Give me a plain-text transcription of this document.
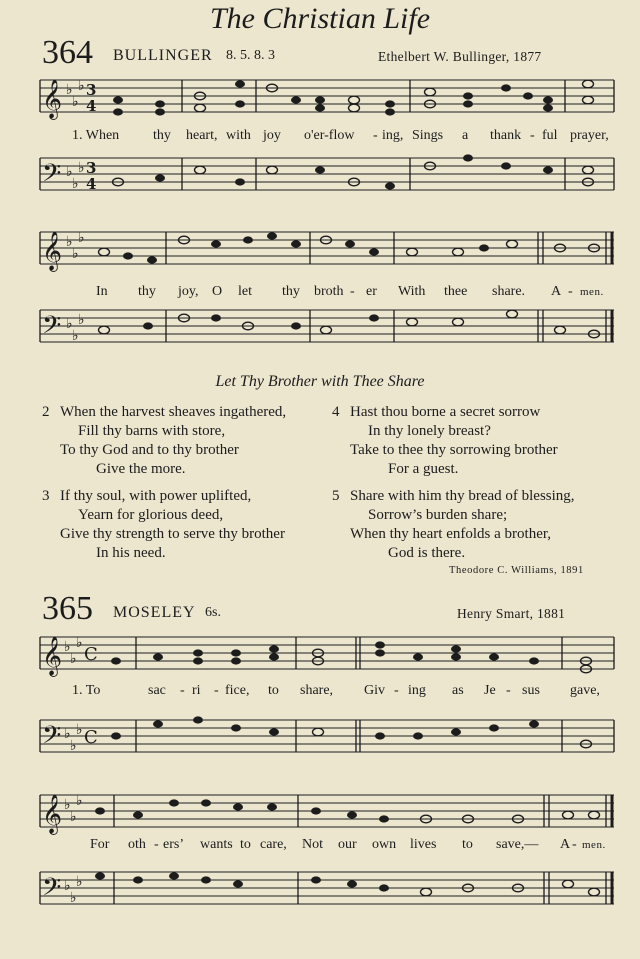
The Christian Life
364 BULLINGER 8. 5. 8. 3	Ethelbert W. Bullinger, 1877
𝄞
𝄢
♭
♭
♭
♭
♭
♭
3
4
3
4
𝄞
𝄢
♭
♭
♭
♭
♭
♭
𝄞
𝄢
♭
♭
♭
♭
♭
♭
C
C
𝄞
𝄢
♭
♭
♭
♭
♭
♭
1. When thy heart, with joy o'er-flow - ing, Sings a thank - ful prayer,
In thy joy, O let thy broth - er With thee share. A - men.
Let Thy Brother with Thee Share
2 When the harvest sheaves ingathered,
Fill thy barns with store,
To thy God and to thy brother
Give the more.
3 If thy soul, with power uplifted,
Yearn for glorious deed,
Give thy strength to serve thy brother
In his need.
4 Hast thou borne a secret sorrow
In thy lonely breast?
Take to thee thy sorrowing brother
For a guest.
5 Share with him thy bread of blessing,
Sorrow’s burden share;
When thy heart enfolds a brother,
God is there.
Theodore C. Williams, 1891
365 MOSELEY 6s.	Henry Smart, 1881
1. To	sac - ri - fice, to share, Giv - ing as Je - sus gave,
For oth - ers’ wants to care, Not our own lives to save,— A - men.
